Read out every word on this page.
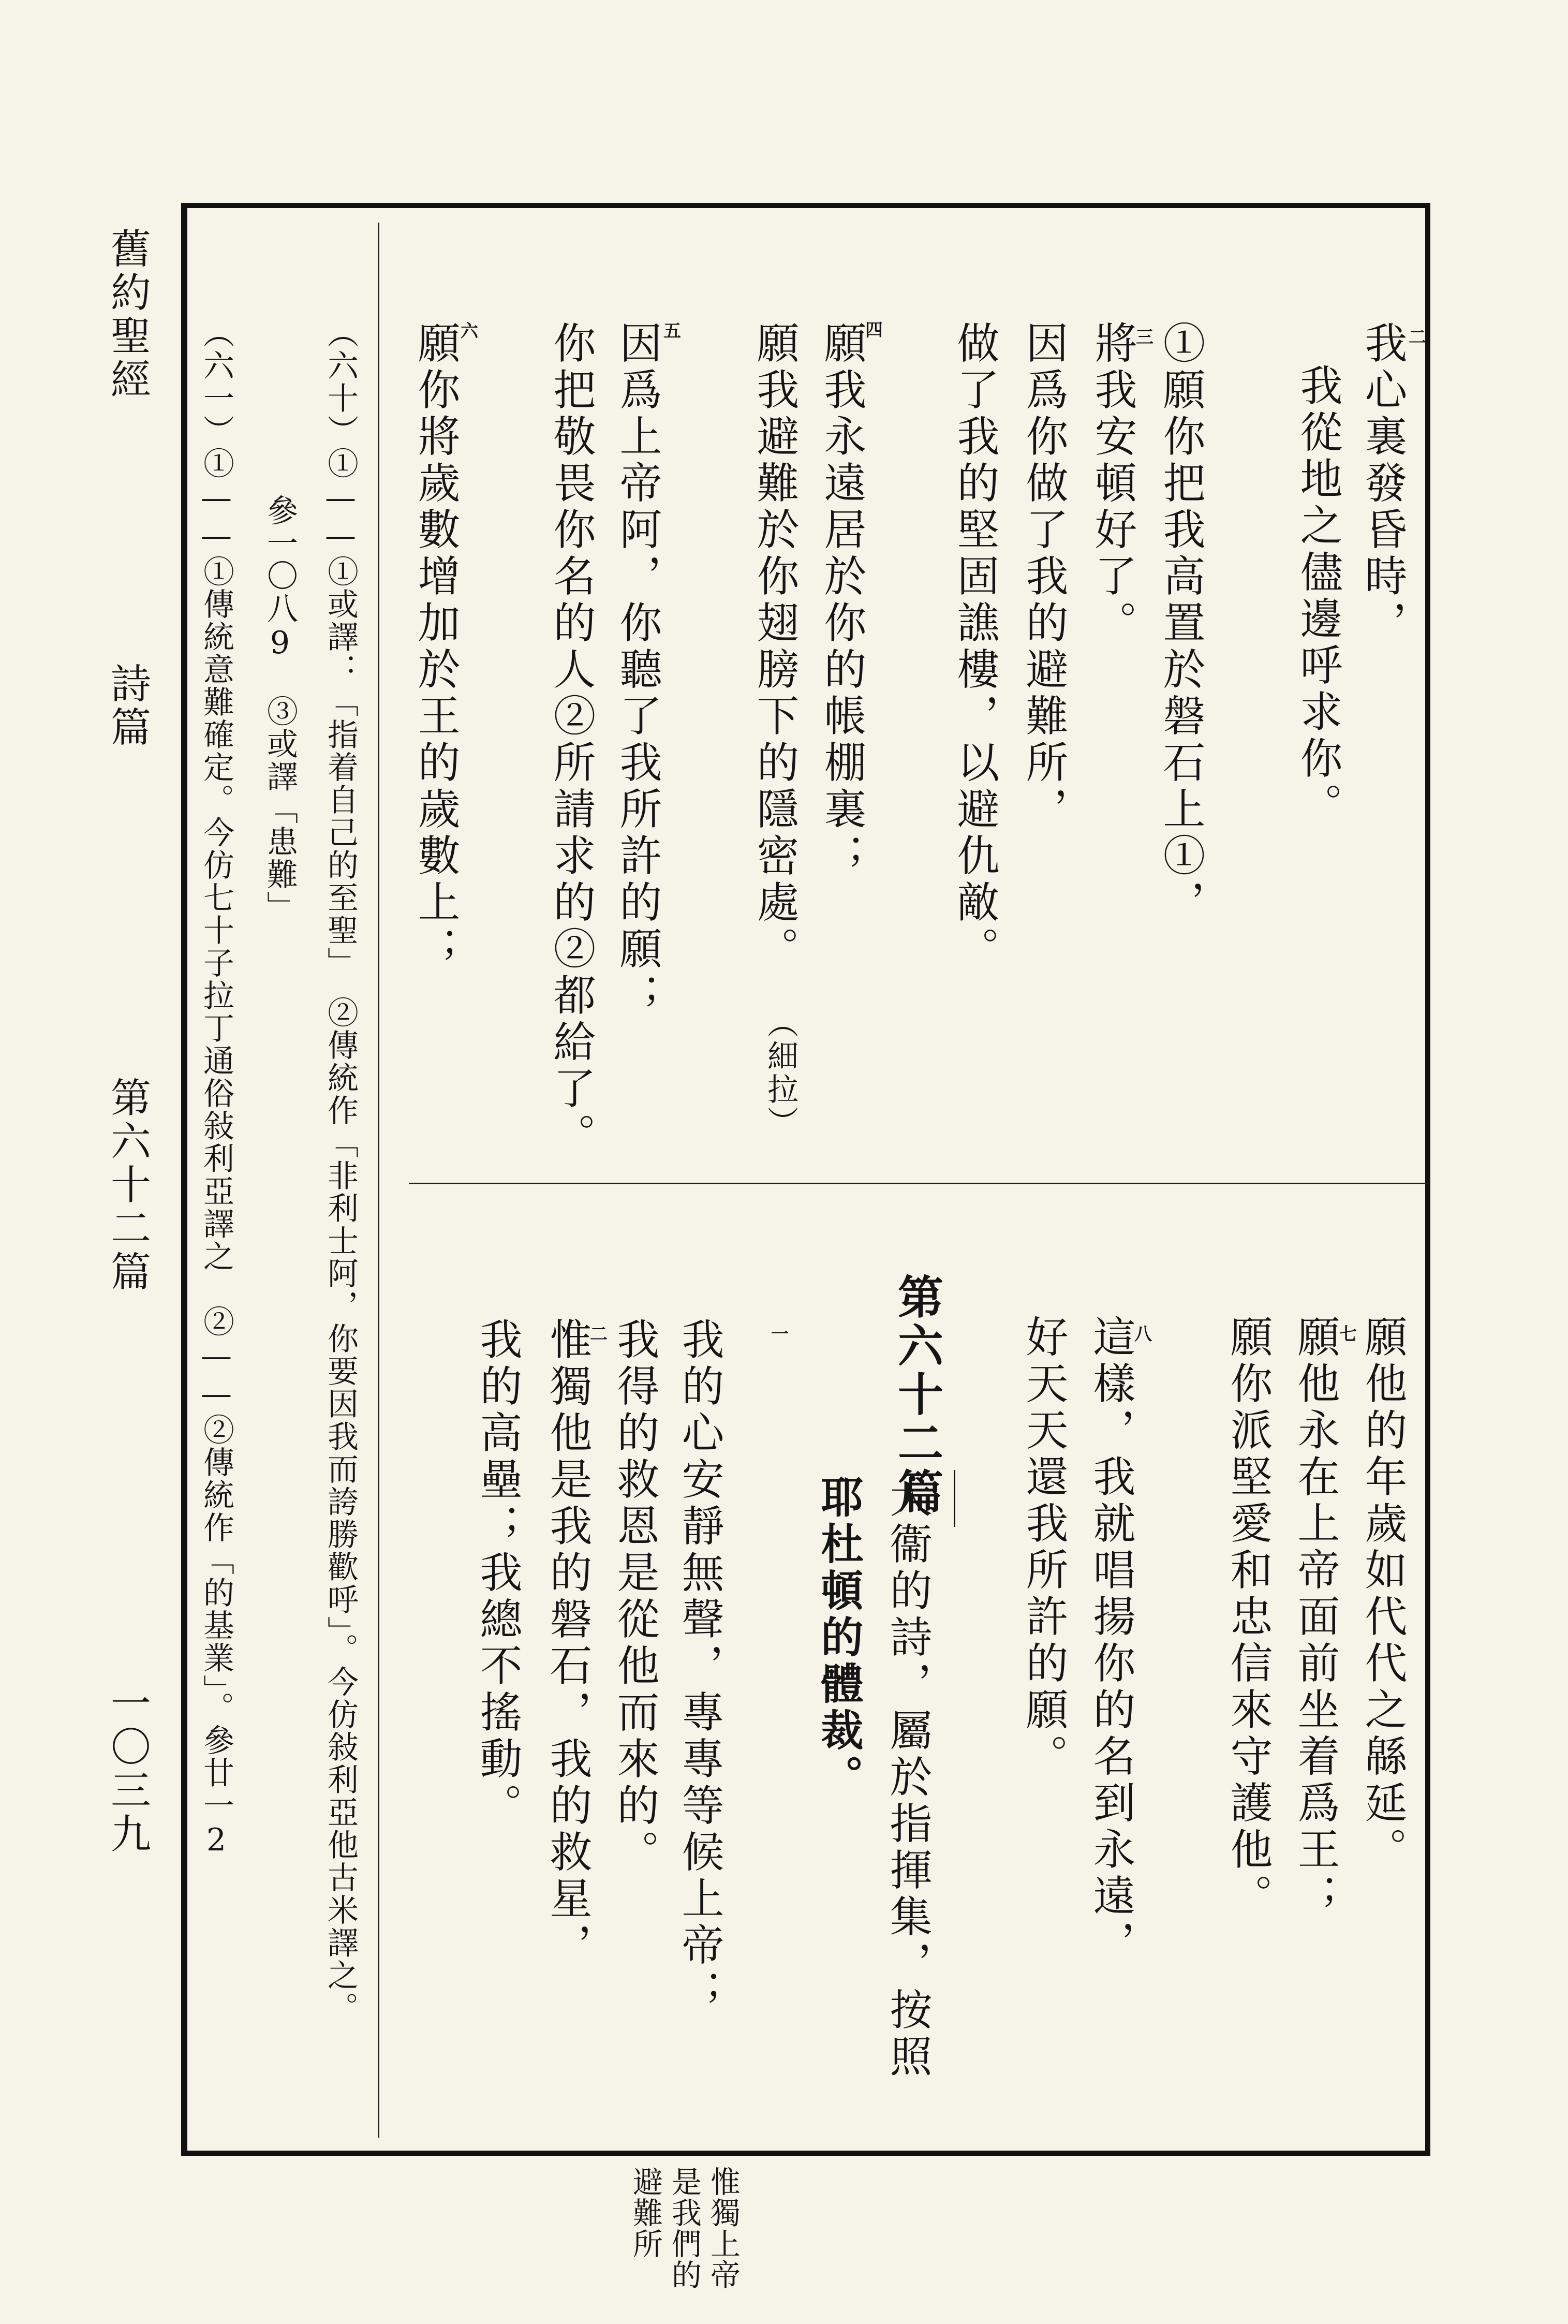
舊約聖經
詩篇
第六十二篇
一〇三九
二
我心裏發昏時，
我從地之儘邊呼求你。
①願你把我高置於磐石上①，
三
將我安頓好了。
因爲你做了我的避難所，
做了我的堅固譙樓，以避仇敵。
四
願我永遠居於你的帳棚裏；
願我避難於你翅膀下的隱密處。
（細拉）
五
因爲上帝阿，你聽了我所許的願；
你把敬畏你名的人②所請求的②都給了。
六
願你將歲數增加於王的歲數上；
願他的年歲如代代之緜延。
七
願他永在上帝面前坐着爲王；
願你派堅愛和忠信來守護他。
八
這樣，我就唱揚你的名到永遠，
好天天還我所許的願。
第六十二篇
大衞的詩，屬於指揮集，按照
耶杜頓的體裁。
一
我的心安靜無聲，專專等候上帝；
我得的救恩是從他而來的。
二
惟獨他是我的磐石，我的救星，
我的高壘；我總不搖動。
（六十）①——①或譯：「指着自己的至聖」　②傳統作「非利士阿，你要因我而誇勝歡呼」。今仿敍利亞他古米譯之。
參一〇八9　③或譯「患難」
（六一）①——①傳統意難確定。今仿七十子拉丁通俗敍利亞譯之　②——②傳統作「的基業」。參廿一2
惟獨上帝
是我們的
避難所
